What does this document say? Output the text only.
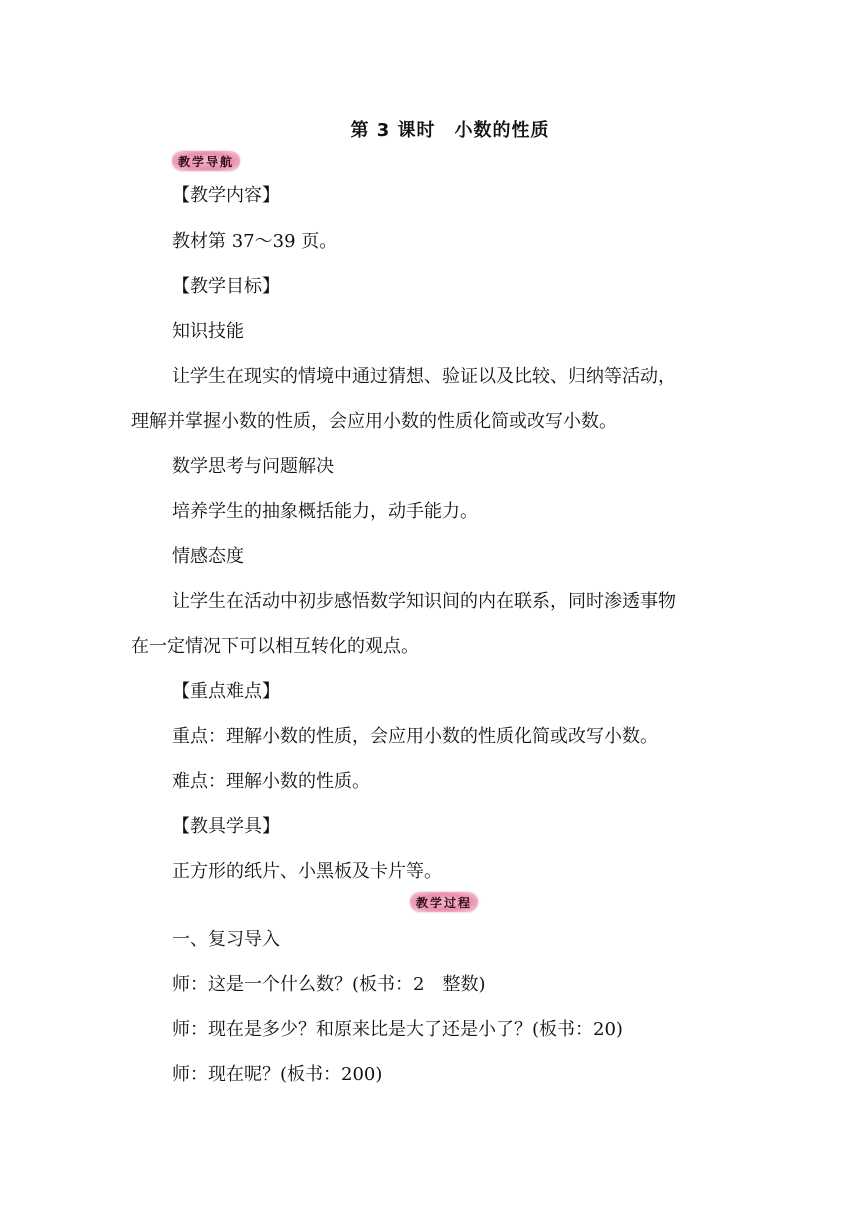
第 3 课时　小数的性质
教学导航
【教学内容】
教材第 37～39 页。
【教学目标】
知识技能
让学生在现实的情境中通过猜想、验证以及比较、归纳等活动，
理解并掌握小数的性质，会应用小数的性质化简或改写小数。
数学思考与问题解决
培养学生的抽象概括能力，动手能力。
情感态度
让学生在活动中初步感悟数学知识间的内在联系，同时渗透事物
在一定情况下可以相互转化的观点。
【重点难点】
重点：理解小数的性质，会应用小数的性质化简或改写小数。
难点：理解小数的性质。
【教具学具】
正方形的纸片、小黑板及卡片等。
教学过程
一、复习导入
师：这是一个什么数？(板书：2　整数)
师：现在是多少？和原来比是大了还是小了？(板书：20)
师：现在呢？(板书：200)
